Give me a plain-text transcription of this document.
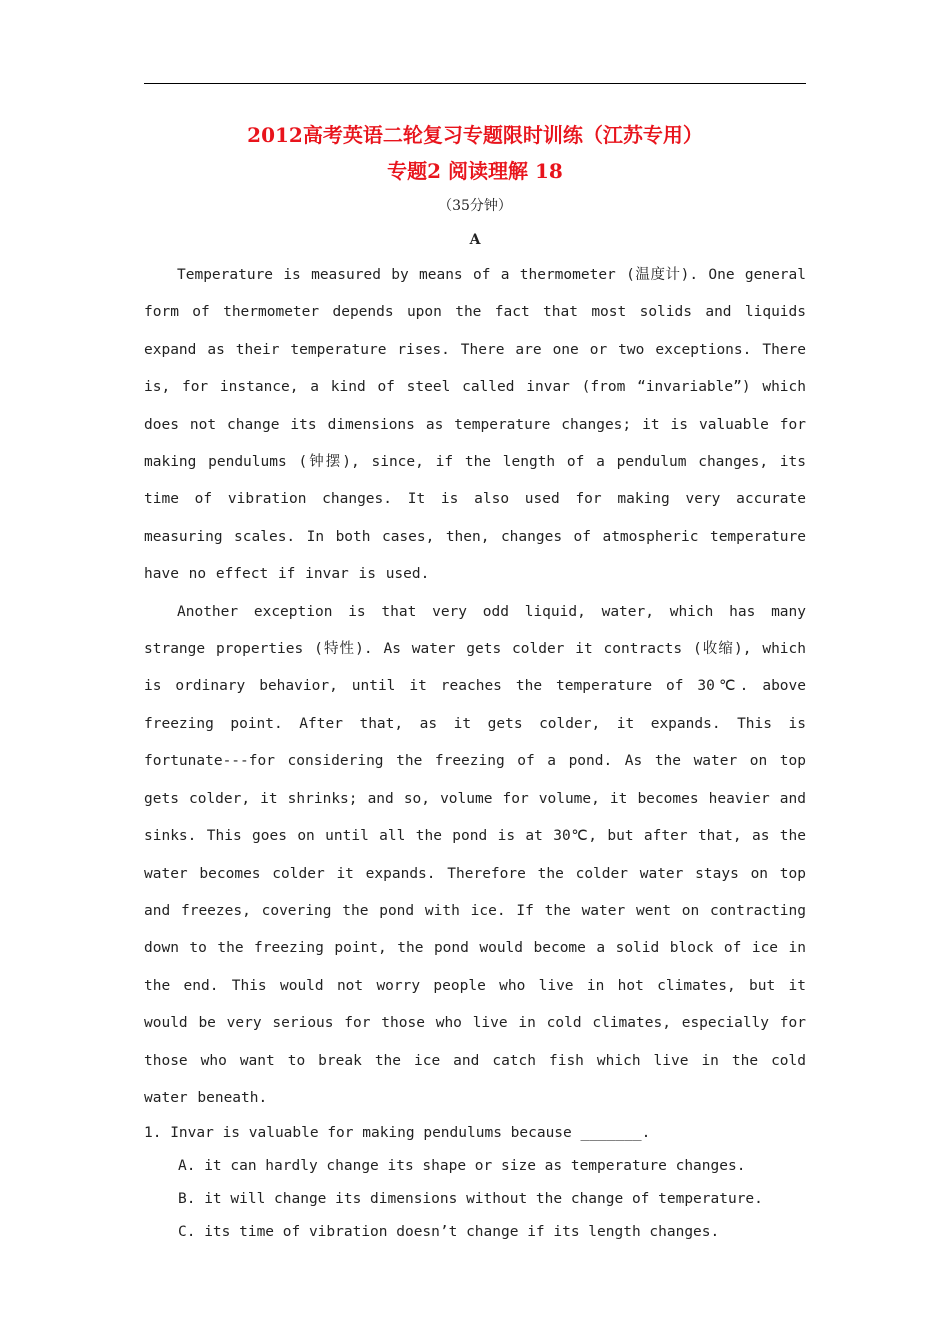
2012高考英语二轮复习专题限时训练（江苏专用）

专题2 阅读理解 18

（35分钟）

A

Temperature is measured by means of a thermometer (温度计). One general form of thermometer depends upon the fact that most solids and liquids expand as their temperature rises. There are one or two exceptions. There is, for instance, a kind of steel called invar (from “invariable”) which does not change its dimensions as temperature changes; it is valuable for making pendulums (钟摆), since, if the length of a pendulum changes, its time of vibration changes. It is also used for making very accurate measuring scales. In both cases, then, changes of atmospheric temperature have no effect if invar is used.

Another exception is that very odd liquid, water, which has many strange properties (特性). As water gets colder it contracts (收缩), which is ordinary behavior, until it reaches the temperature of 30℃. above freezing point. After that, as it gets colder, it expands. This is fortunate---for considering the freezing of a pond. As the water on top gets colder, it shrinks; and so, volume for volume, it becomes heavier and sinks. This goes on until all the pond is at 30℃, but after that, as the water becomes colder it expands. Therefore the colder water stays on top and freezes, covering the pond with ice. If the water went on contracting down to the freezing point, the pond would become a solid block of ice in the end. This would not worry people who live in hot climates, but it would be very serious for those who live in cold climates, especially for those who want to break the ice and catch fish which live in the cold water beneath.

1. Invar is valuable for making pendulums because _______.

A. it can hardly change its shape or size as temperature changes.

B. it will change its dimensions without the change of temperature.

C. its time of vibration doesn’t change if its length changes.
